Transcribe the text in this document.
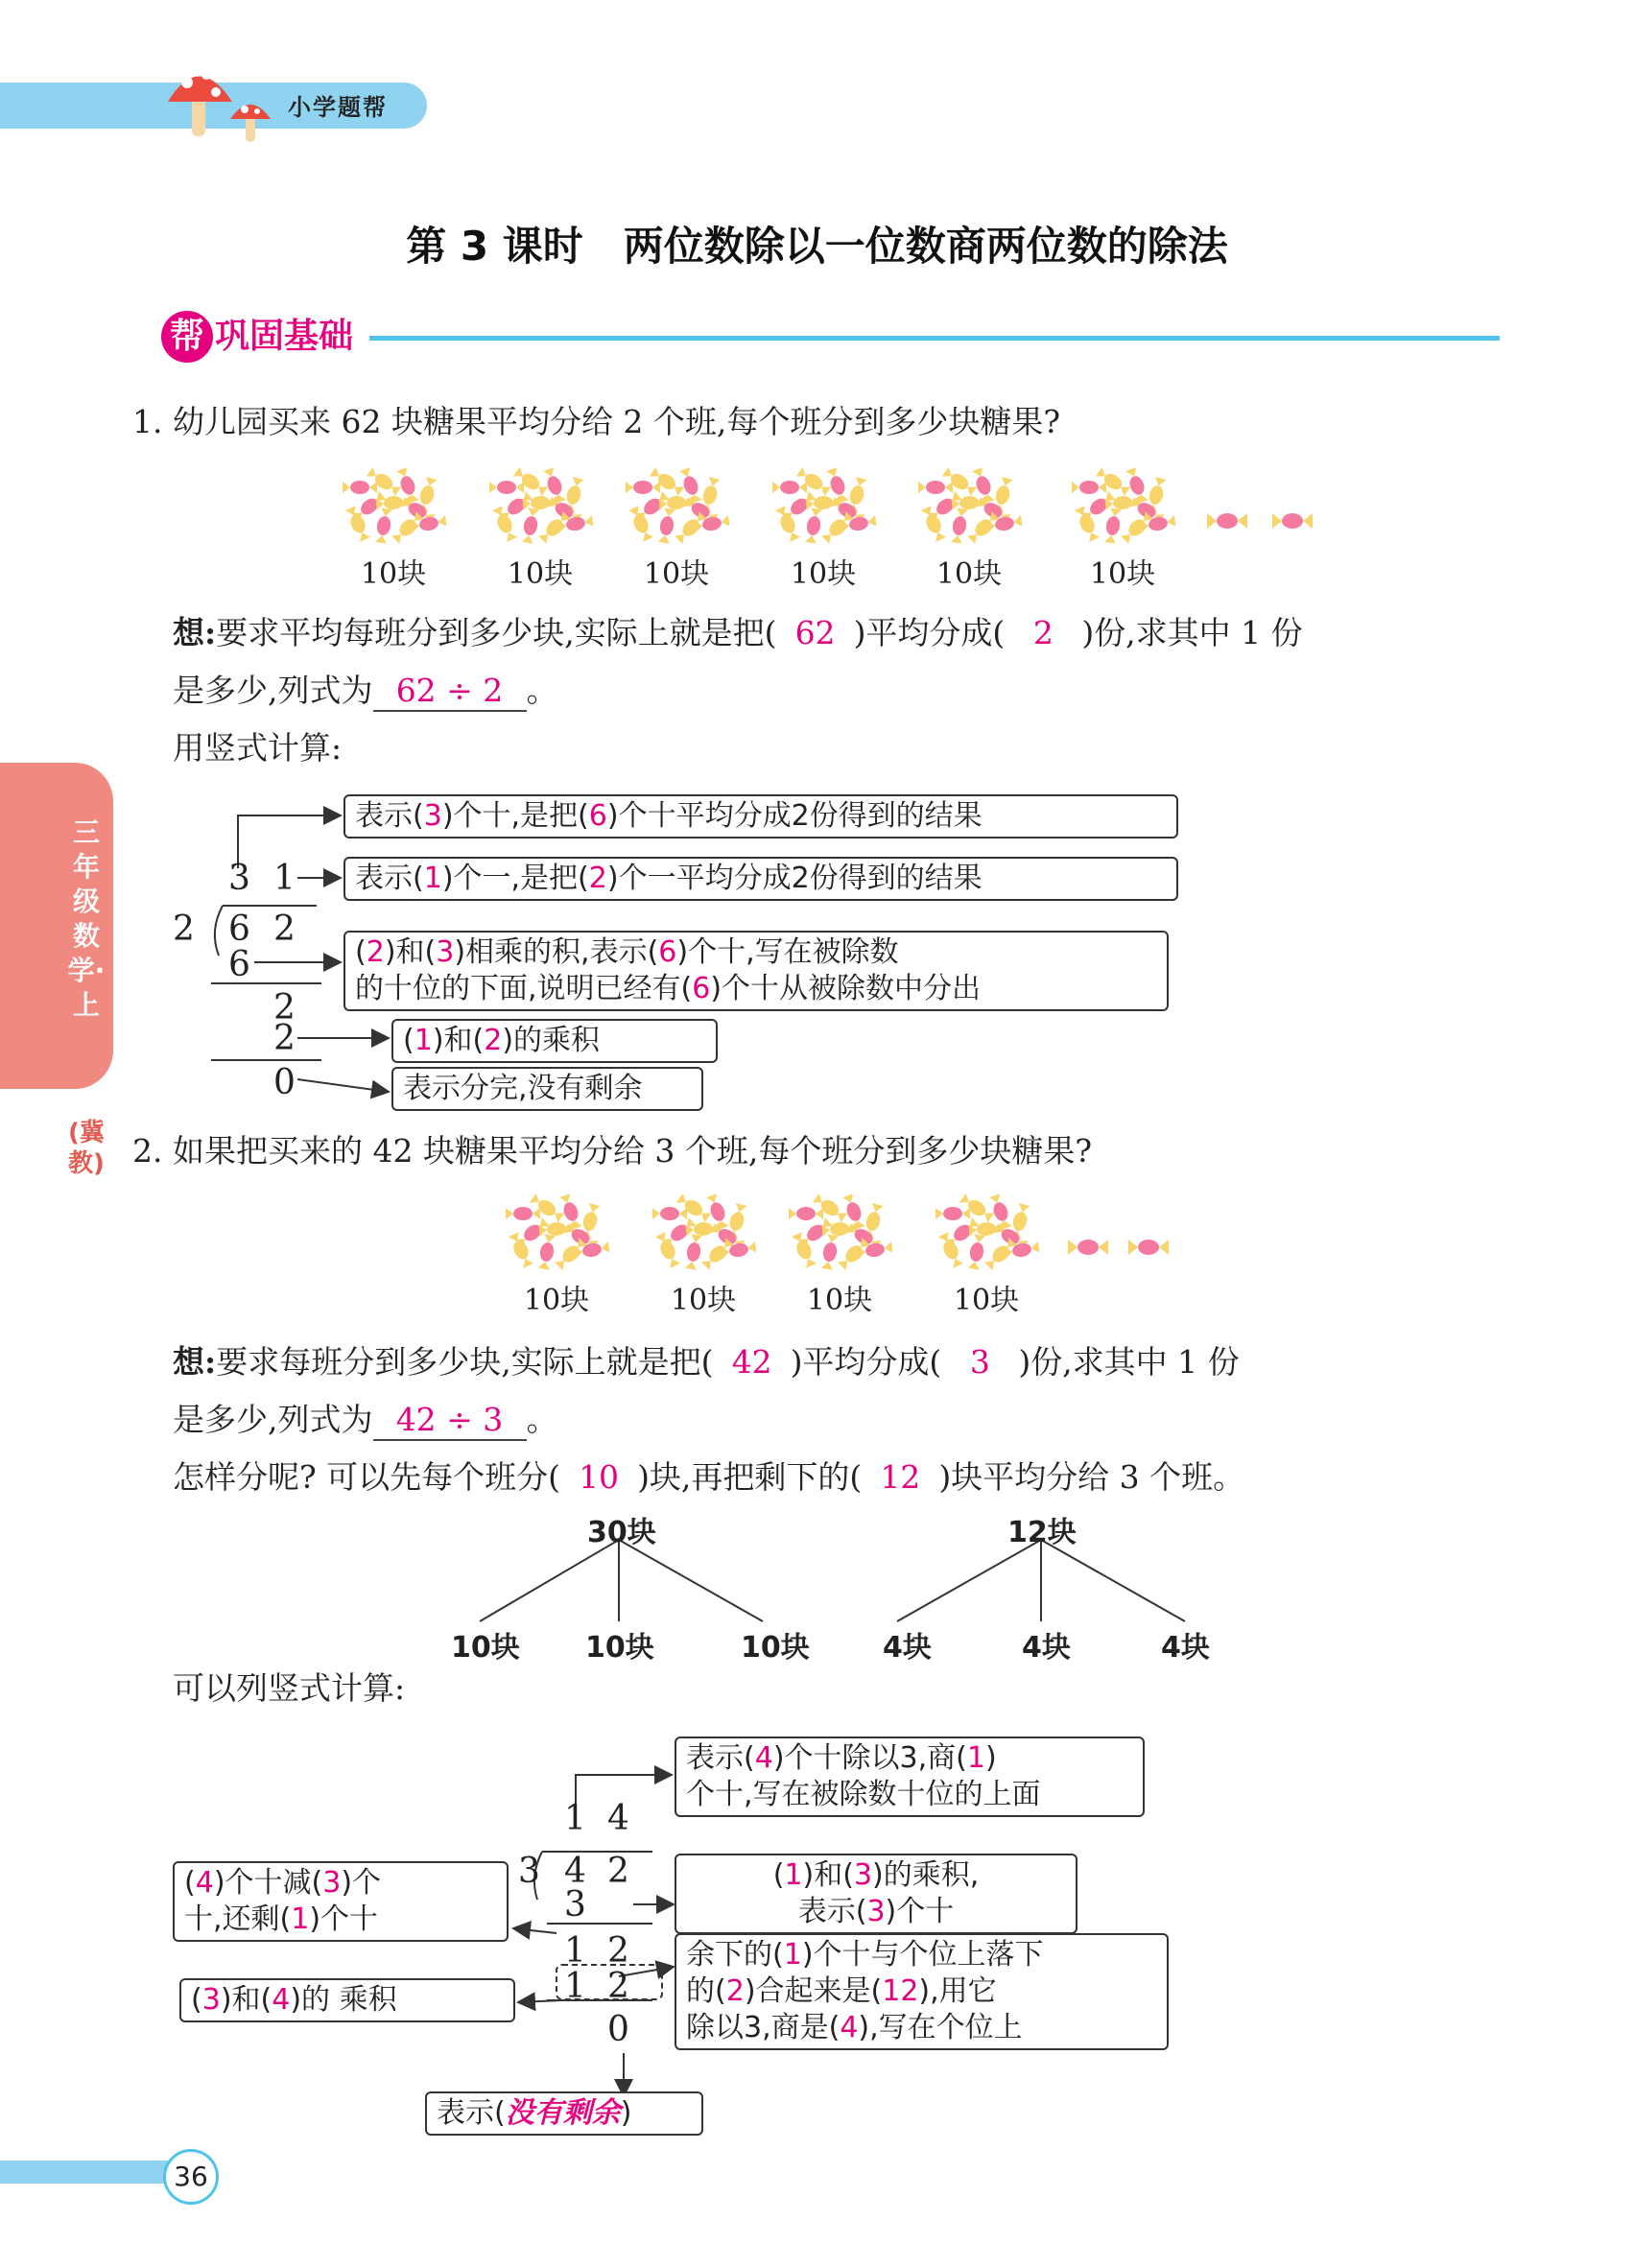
小学题帮
第 3 课时　两位数除以一位数商两位数的除法
帮 巩固基础
三年级数学·上
(冀教)
1. 幼儿园买来 62 块糖果平均分给 2 个班,每个班分到多少块糖果?
10块	10块	10块	10块	10块	10块
想:要求平均每班分到多少块,实际上就是把( 62 )平均分成( 2 )份,求其中 1 份
是多少,列式为 62 ÷ 2 。
用竖式计算:
3 1
2 6 2
6
2
2
0
表示(3)个十,是把(6)个十平均分成2份得到的结果
表示(1)个一,是把(2)个一平均分成2份得到的结果
(2)和(3)相乘的积,表示(6)个十,写在被除数
的十位的下面,说明已经有(6)个十从被除数中分出
(1)和(2)的乘积
表示分完,没有剩余
2. 如果把买来的 42 块糖果平均分给 3 个班,每个班分到多少块糖果?
10块	10块	10块	10块
想:要求每班分到多少块,实际上就是把( 42 )平均分成( 3 )份,求其中 1 份
是多少,列式为 42 ÷ 3 。
怎样分呢? 可以先每个班分( 10 )块,再把剩下的( 12 )块平均分给 3 个班。
30块
10块 10块	10块
12块
4块	4块	4块
可以列竖式计算:
1 4
3 4 2
3
1 2
1 2
0
表示(4)个十除以3,商(1)
个十,写在被除数十位的上面
(4)个十减(3)个
十,还剩(1)个十
(1)和(3)的乘积,
表示(3)个十
余下的(1)个十与个位上落下
的(2)合起来是(12),用它
除以3,商是(4),写在个位上
(3)和(4)的 乘积
表示(没有剩余)
36
